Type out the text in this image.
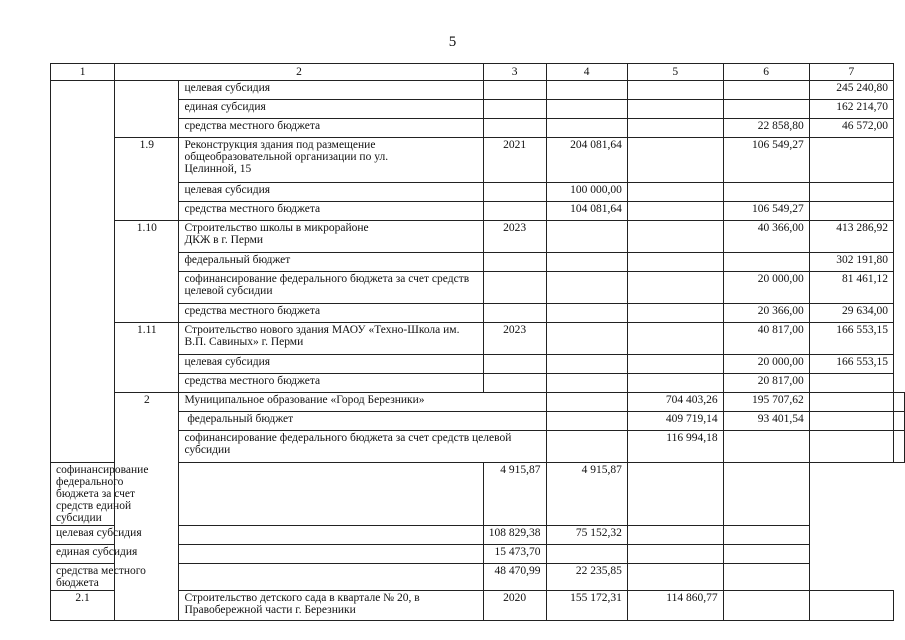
5
1	2		3	4	5	6	7	
		целевая субсидия					245 240,80	
		единая субсидия					162 214,70	
		средства местного бюджета				22 858,80	46 572,00	
	1.9	Реконструкция здания под размещение общеобразовательной организации по ул. Целинной, 15	2021	204 081,64		106 549,27		
		целевая субсидия		100 000,00				
		средства местного бюджета		104 081,64		106 549,27		
	1.10	Строительство школы в микрорайоне ДКЖ в г. Перми	2023			40 366,00	413 286,92	
		федеральный бюджет					302 191,80	
		софинансирование федерального бюджета за счет средств целевой субсидии				20 000,00	81 461,12	
		средства местного бюджета				20 366,00	29 634,00	
	1.11	Строительство нового здания МАОУ «Техно-Школа им. В.П. Савиных» г. Перми	2023			40 817,00	166 553,15	
		целевая субсидия				20 000,00	166 553,15	
		средства местного бюджета				20 817,00		
	2	Муниципальное образование «Город Березники»			704 403,26	195 707,62		
		федеральный бюджет			409 719,14	93 401,54		
		софинансирование федерального бюджета за счет средств целевой субсидии			116 994,18			
софинансирование федерального бюджета за счет средств единой субсидии			4 915,87	4 915,87				
целевая субсидия			108 829,38	75 152,32				
единая субсидия			15 473,70					
средства местного бюджета			48 470,99	22 235,85				
2.1		Строительство детского сада в квартале № 20, в Правобережной части г. Березники	2020	155 172,31	114 860,77			
